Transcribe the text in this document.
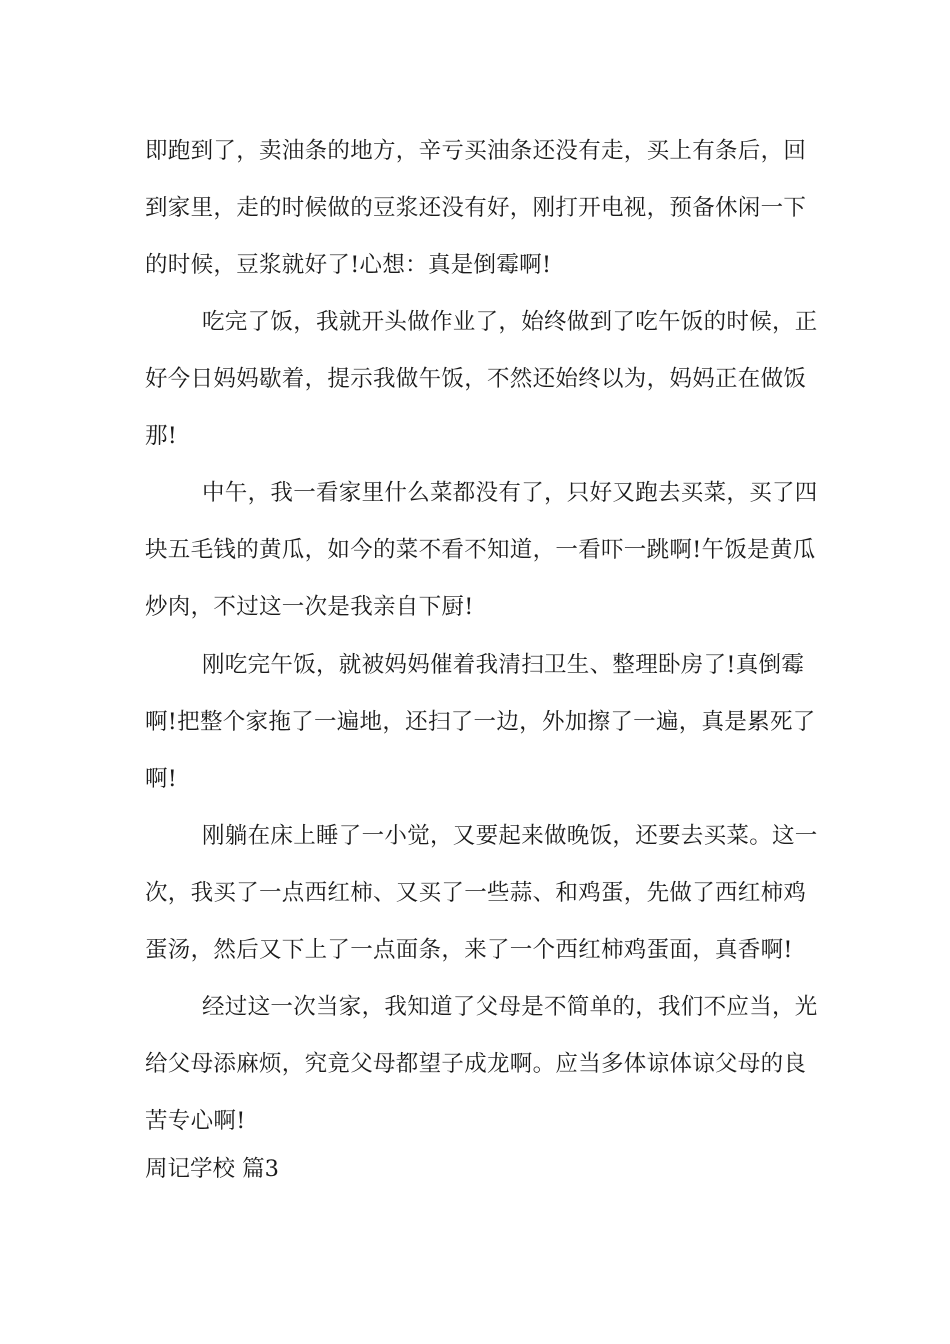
即跑到了，卖油条的地方，辛亏买油条还没有走，买上有条后，回
到家里，走的时候做的豆浆还没有好，刚打开电视，预备休闲一下
的时候，豆浆就好了!心想：真是倒霉啊!
吃完了饭，我就开头做作业了，始终做到了吃午饭的时候，正
好今日妈妈歇着，提示我做午饭，不然还始终以为，妈妈正在做饭
那!
中午，我一看家里什么菜都没有了，只好又跑去买菜，买了四
块五毛钱的黄瓜，如今的菜不看不知道，一看吓一跳啊!午饭是黄瓜
炒肉，不过这一次是我亲自下厨!
刚吃完午饭，就被妈妈催着我清扫卫生、整理卧房了!真倒霉
啊!把整个家拖了一遍地，还扫了一边，外加擦了一遍，真是累死了
啊!
刚躺在床上睡了一小觉，又要起来做晚饭，还要去买菜。这一
次，我买了一点西红柿、又买了一些蒜、和鸡蛋，先做了西红柿鸡
蛋汤，然后又下上了一点面条，来了一个西红柿鸡蛋面，真香啊!
经过这一次当家，我知道了父母是不简单的，我们不应当，光
给父母添麻烦，究竟父母都望子成龙啊。应当多体谅体谅父母的良
苦专心啊!
周记学校 篇3
